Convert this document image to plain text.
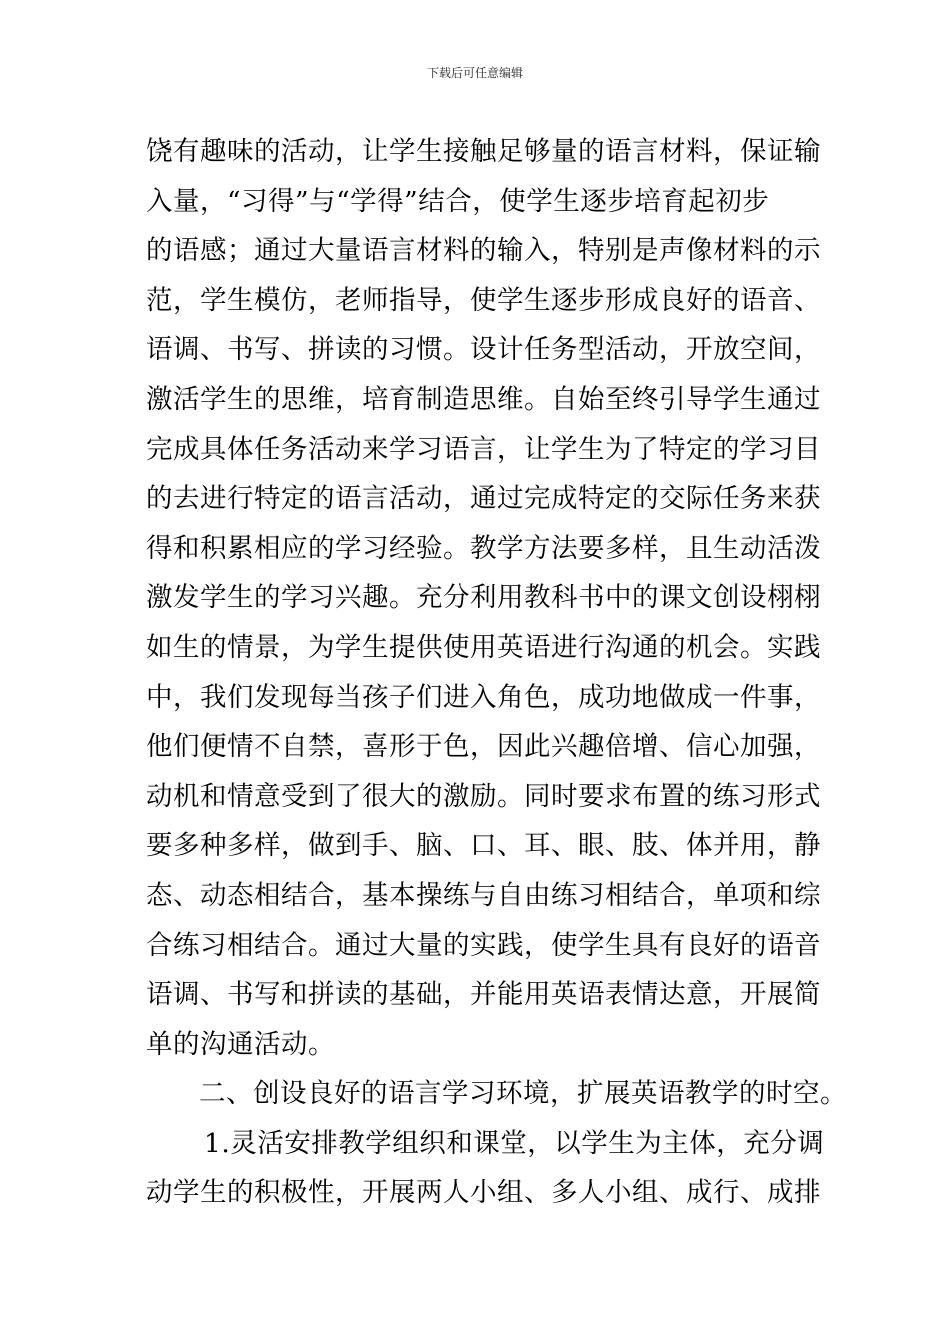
下载后可任意编辑
饶有趣味的活动，让学生接触足够量的语言材料，保证输
入量，“习得”与“学得”结合，使学生逐步培育起初步
的语感；通过大量语言材料的输入，特别是声像材料的示
范，学生模仿，老师指导，使学生逐步形成良好的语音、
语调、书写、拼读的习惯。设计任务型活动，开放空间，
激活学生的思维，培育制造思维。自始至终引导学生通过
完成具体任务活动来学习语言，让学生为了特定的学习目
的去进行特定的语言活动，通过完成特定的交际任务来获
得和积累相应的学习经验。教学方法要多样，且生动活泼
激发学生的学习兴趣。充分利用教科书中的课文创设栩栩
如生的情景，为学生提供使用英语进行沟通的机会。实践
中，我们发现每当孩子们进入角色，成功地做成一件事，
他们便情不自禁，喜形于色，因此兴趣倍增、信心加强，
动机和情意受到了很大的激励。同时要求布置的练习形式
要多种多样，做到手、脑、口、耳、眼、肢、体并用，静
态、动态相结合，基本操练与自由练习相结合，单项和综
合练习相结合。通过大量的实践，使学生具有良好的语音
语调、书写和拼读的基础，并能用英语表情达意，开展简
单的沟通活动。
二、创设良好的语言学习环境，扩展英语教学的时空。
1.灵活安排教学组织和课堂，以学生为主体，充分调
动学生的积极性，开展两人小组、多人小组、成行、成排
